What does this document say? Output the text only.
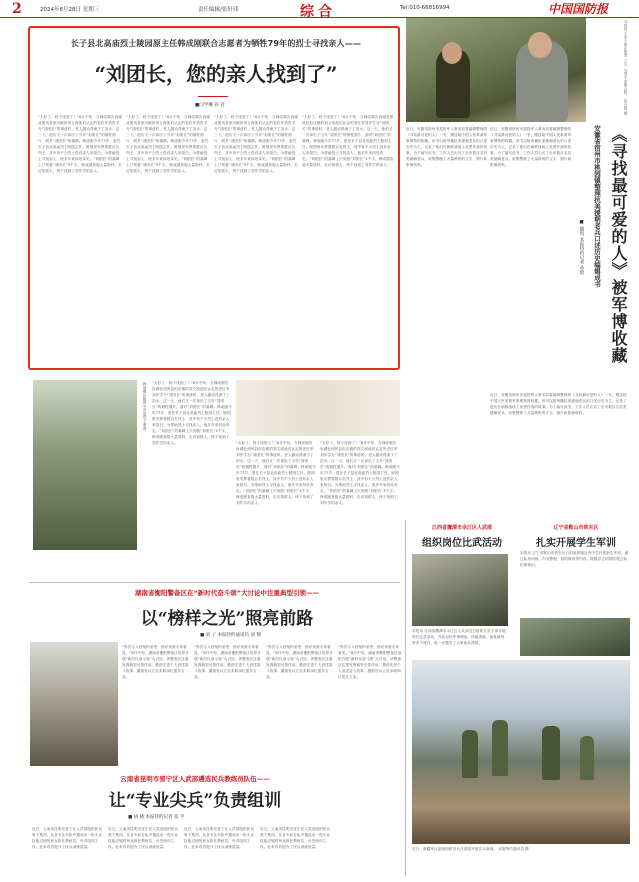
2	2024年8月28日 星期三	责任编辑/张轩玮	综合	Tel:010-66816994	中国国防报
长子县北高庙烈士陵园原主任韩成刚联合志愿者为牺牲79年的烈士寻找亲人——
“刘团长，您的亲人找到了”
■闫学琳 孙 君
“太好了，终于找到了！”8月中旬，当韩成刚告诉湖北团风县但店镇的刘文庭他们认定的老红军刘作学为“刘团长”的事迹时，老人激动得流下了泪水。这一天，他们又一次拿出了当年“刘团长”的牺牲照片，面对“刘团长”的墓碑。韩成刚今年77岁，曾任长子县北高庙烈士陵园主任。陵园里安葬着数百名烈士，其中有不少烈士没有亲人来祭扫。为帮助烈士寻找亲人，他多年来四处奔走。“刘团长”的墓碑上只刻着“刘团长”3个字。韩成刚查阅大量资料，走访知情人，终于找到了刘作学的亲人。
“太好了，终于找到了！”8月中旬，当韩成刚告诉湖北团风县但店镇的刘文庭他们认定的老红军刘作学为“刘团长”的事迹时，老人激动得流下了泪水。这一天，他们又一次拿出了当年“刘团长”的牺牲照片，面对“刘团长”的墓碑。韩成刚今年77岁，曾任长子县北高庙烈士陵园主任。陵园里安葬着数百名烈士，其中有不少烈士没有亲人来祭扫。为帮助烈士寻找亲人，他多年来四处奔走。“刘团长”的墓碑上只刻着“刘团长”3个字。韩成刚查阅大量资料，走访知情人，终于找到了刘作学的亲人。
“太好了，终于找到了！”8月中旬，当韩成刚告诉湖北团风县但店镇的刘文庭他们认定的老红军刘作学为“刘团长”的事迹时，老人激动得流下了泪水。这一天，他们又一次拿出了当年“刘团长”的牺牲照片，面对“刘团长”的墓碑。韩成刚今年77岁，曾任长子县北高庙烈士陵园主任。陵园里安葬着数百名烈士，其中有不少烈士没有亲人来祭扫。为帮助烈士寻找亲人，他多年来四处奔走。“刘团长”的墓碑上只刻着“刘团长”3个字。韩成刚查阅大量资料，走访知情人，终于找到了刘作学的亲人。
“太好了，终于找到了！”8月中旬，当韩成刚告诉湖北团风县但店镇的刘文庭他们认定的老红军刘作学为“刘团长”的事迹时，老人激动得流下了泪水。这一天，他们又一次拿出了当年“刘团长”的牺牲照片，面对“刘团长”的墓碑。韩成刚今年77岁，曾任长子县北高庙烈士陵园主任。陵园里安葬着数百名烈士，其中有不少烈士没有亲人来祭扫。为帮助烈士寻找亲人，他多年来四处奔走。“刘团长”的墓碑上只刻着“刘团长”3个字。韩成刚查阅大量资料，走访知情人，终于找到了刘作学的亲人。
寻找烈士亲人的志愿者（左）与烈士亲属合影。 昆仑报 摄
近日，安徽省宿州市退役军人事务局将编辑整理的《寻找最可爱的人》一书，赠送给中国人民革命军事博物馆收藏。该书以宿州籍抗美援朝老兵的口述历史为主，记录了他们在朝鲜战场上英勇作战的故事。为了编写此书，工作人员走访了全市数百名抗美援朝老兵，收集整理了大量珍贵的文字、图片和影像资料。
近日，安徽省宿州市退役军人事务局将编辑整理的《寻找最可爱的人》一书，赠送给中国人民革命军事博物馆收藏。该书以宿州籍抗美援朝老兵的口述历史为主，记录了他们在朝鲜战场上英勇作战的故事。为了编写此书，工作人员走访了全市数百名抗美援朝老兵，收集整理了大量珍贵的文字、图片和影像资料。
近日，安徽省宿州市退役军人事务局将编辑整理的《寻找最可爱的人》一书，赠送给中国人民革命军事博物馆收藏。该书以宿州籍抗美援朝老兵的口述历史为主，记录了他们在朝鲜战场上英勇作战的故事。为了编写此书，工作人员走访了全市数百名抗美援朝老兵，收集整理了大量珍贵的文字、图片和影像资料。
■ 姚凯 本报特约记者 孙蔚	安徽省宿州市桃园镇整理抗美援朝老兵口述历史编辑成书 《寻找最可爱的人》被军博收藏
韩成刚在陵园中讲述烈士事迹。 “太好了，终于找到了！”8月中旬，当韩成刚告诉湖北团风县但店镇的刘文庭他们认定的老红军刘作学为“刘团长”的事迹时，老人激动得流下了泪水。这一天，他们又一次拿出了当年“刘团长”的牺牲照片，面对“刘团长”的墓碑。韩成刚今年77岁，曾任长子县北高庙烈士陵园主任。陵园里安葬着数百名烈士，其中有不少烈士没有亲人来祭扫。为帮助烈士寻找亲人，他多年来四处奔走。“刘团长”的墓碑上只刻着“刘团长”3个字。韩成刚查阅大量资料，走访知情人，终于找到了刘作学的亲人。	“太好了，终于找到了！”8月中旬，当韩成刚告诉湖北团风县但店镇的刘文庭他们认定的老红军刘作学为“刘团长”的事迹时，老人激动得流下了泪水。这一天，他们又一次拿出了当年“刘团长”的牺牲照片，面对“刘团长”的墓碑。韩成刚今年77岁，曾任长子县北高庙烈士陵园主任。陵园里安葬着数百名烈士，其中有不少烈士没有亲人来祭扫。为帮助烈士寻找亲人，他多年来四处奔走。“刘团长”的墓碑上只刻着“刘团长”3个字。韩成刚查阅大量资料，走访知情人，终于找到了刘作学的亲人。
“太好了，终于找到了！”8月中旬，当韩成刚告诉湖北团风县但店镇的刘文庭他们认定的老红军刘作学为“刘团长”的事迹时，老人激动得流下了泪水。这一天，他们又一次拿出了当年“刘团长”的牺牲照片，面对“刘团长”的墓碑。韩成刚今年77岁，曾任长子县北高庙烈士陵园主任。陵园里安葬着数百名烈士，其中有不少烈士没有亲人来祭扫。为帮助烈士寻找亲人，他多年来四处奔走。“刘团长”的墓碑上只刻着“刘团长”3个字。韩成刚查阅大量资料，走访知情人，终于找到了刘作学的亲人。
湖南省衡阳警备区在“新时代奋斗颂”大讨论中注重典型引领——
以“榜样之光”照亮前路
■ 刘 子 本报特约通讯员 刘 钢
“每次写入档案的荣誉，都应该被大家看见。”8月中旬，湖南省衡阳警备区组织开展“新时代奋斗颂”大讨论，该警备区注重发挥典型引领作用，邀请先进个人讲述奋斗故事，激励官兵立足本职岗位建功立业。
“每次写入档案的荣誉，都应该被大家看见。”8月中旬，湖南省衡阳警备区组织开展“新时代奋斗颂”大讨论，该警备区注重发挥典型引领作用，邀请先进个人讲述奋斗故事，激励官兵立足本职岗位建功立业。
“每次写入档案的荣誉，都应该被大家看见。”8月中旬，湖南省衡阳警备区组织开展“新时代奋斗颂”大讨论，该警备区注重发挥典型引领作用，邀请先进个人讲述奋斗故事，激励官兵立足本职岗位建功立业。
“每次写入档案的荣誉，都应该被大家看见。”8月中旬，湖南省衡阳警备区组织开展“新时代奋斗颂”大讨论，该警备区注重发挥典型引领作用，邀请先进个人讲述奋斗故事，激励官兵立足本职岗位建功立业。
云南省昆明市晋宁区人武部遴选民兵教练员队伍——
让“专业尖兵”负责组训
■ 胡 晓 本报特约记者 张 平
近日，云南省昆明市晋宁区人武部组织民兵骨干集训，从各专业分队中遴选出一批专业技能过硬的民兵担任教练员，负责组训工作。此举有效提升了民兵训练质量。
近日，云南省昆明市晋宁区人武部组织民兵骨干集训，从各专业分队中遴选出一批专业技能过硬的民兵担任教练员，负责组训工作。此举有效提升了民兵训练质量。
近日，云南省昆明市晋宁区人武部组织民兵骨干集训，从各专业分队中遴选出一批专业技能过硬的民兵担任教练员，负责组训工作。此举有效提升了民兵训练质量。
近日，云南省昆明市晋宁区人武部组织民兵骨干集训，从各专业分队中遴选出一批专业技能过硬的民兵担任教练员，负责组训工作。此举有效提升了民兵训练质量。
江西省鹰潭市余江区人武部
组织岗位比武活动
本报讯 江西省鹰潭市余江区人武部近日组织专武干部开展岗位比武活动，内容包括军事理论、体能训练、战备值班等多个课目，进一步激发了大家练兵热情。
辽宁省鞍山市铁东区
扎实开展学生军训
本报讯 辽宁省鞍山市铁东区日前组织辖区内中学开展新生军训，通过队列训练、内务整理、国防教育等内容，增强学生的国防观念和纪律意识。
近日，新疆军区某团组织官兵在高原开展实兵演练。 本报特约通讯员 摄
